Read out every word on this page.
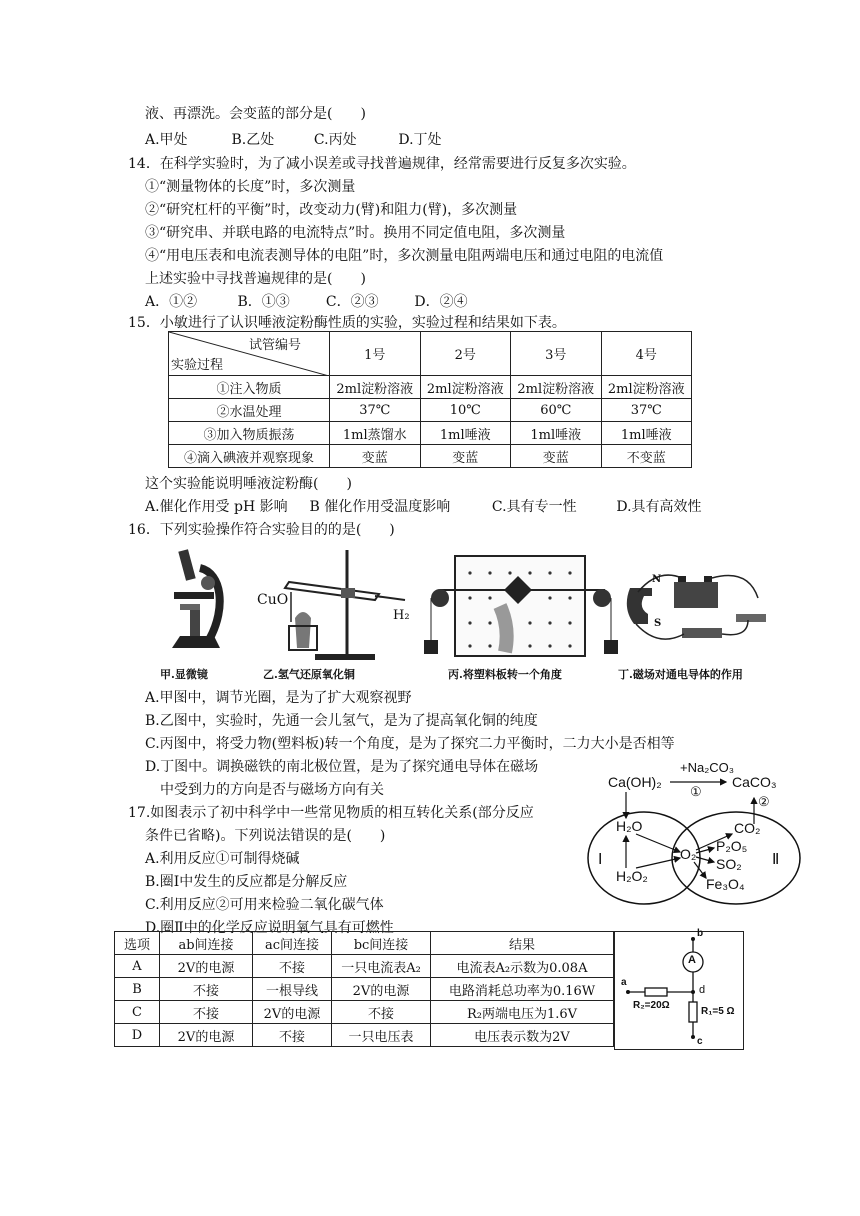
液、再漂洗。会变蓝的部分是(　　)
A.甲处	B.乙处	C.丙处	D.丁处
14．在科学实验时，为了减小误差或寻找普遍规律，经常需要进行反复多次实验。
①“测量物体的长度”时，多次测量
②“研究杠杆的平衡”时，改变动力(臂)和阻力(臂)，多次测量
③“研究串、并联电路的电流特点”时。换用不同定值电阻，多次测量
④“用电压表和电流表测导体的电阻”时，多次测量电阻两端电压和通过电阻的电流值
上述实验中寻找普遍规律的是(　　)
A．①②	B．①③	C．②③	D．②④
15．小敏进行了认识唾液淀粉酶性质的实验，实验过程和结果如下表。
试管编号
实验过程	1号	2号	3号	4号
①注入物质	2ml淀粉溶液	2ml淀粉溶液	2ml淀粉溶液	2ml淀粉溶液
②水温处理	37℃	10℃	60℃	37℃
③加入物质振荡	1ml蒸馏水	1ml唾液	1ml唾液	1ml唾液
④滴入碘液并观察现象	变蓝	变蓝	变蓝	不变蓝
这个实验能说明唾液淀粉酶(　　)
A.催化作用受 pH 影响 B 催化作用受温度影响	C.具有专一性	D.具有高效性
16．下列实验操作符合实验目的的是(　　)
甲.显微镜
CuO
H₂
乙.氢气还原氧化铜	丙.将塑料板转一个角度
N
S
丁.磁场对通电导体的作用
A.甲图中，调节光圈，是为了扩大观察视野
B.乙图中，实验时，先通一会儿氢气，是为了提高氧化铜的纯度
C.丙图中，将受力物(塑料板)转一个角度，是为了探究二力平衡时，二力大小是否相等
D.丁图中。调换磁铁的南北极位置，是为了探究通电导体在磁场
中受到力的方向是否与磁场方向有关
17.如图表示了初中科学中一些常见物质的相互转化关系(部分反应
条件已省略)。下列说法错误的是(　　)
A.利用反应①可制得烧碱
B.圈Ⅰ中发生的反应都是分解反应
C.利用反应②可用来检验二氧化碳气体
D.圈Ⅱ中的化学反应说明氧气具有可燃性
Ca(OH)₂
+Na₂CO₃
①
CaCO₃
②
H₂O
H₂O₂
O₂
CO₂
P₂O₅
SO₂
Fe₃O₄
Ⅰ	Ⅱ
选项	ab间连接	ac间连接	bc间连接	结果
A	2V的电源	不接	一只电流表A₂	电流表A₂示数为0.08A
B	不接	一根导线	2V的电源	电路消耗总功率为0.16W
C	不接	2V的电源	不接	R₂两端电压为1.6V
D	2V的电源	不接	一只电压表	电压表示数为2V
b
A
a
d
R₂=20Ω
R₁=5 Ω
c
